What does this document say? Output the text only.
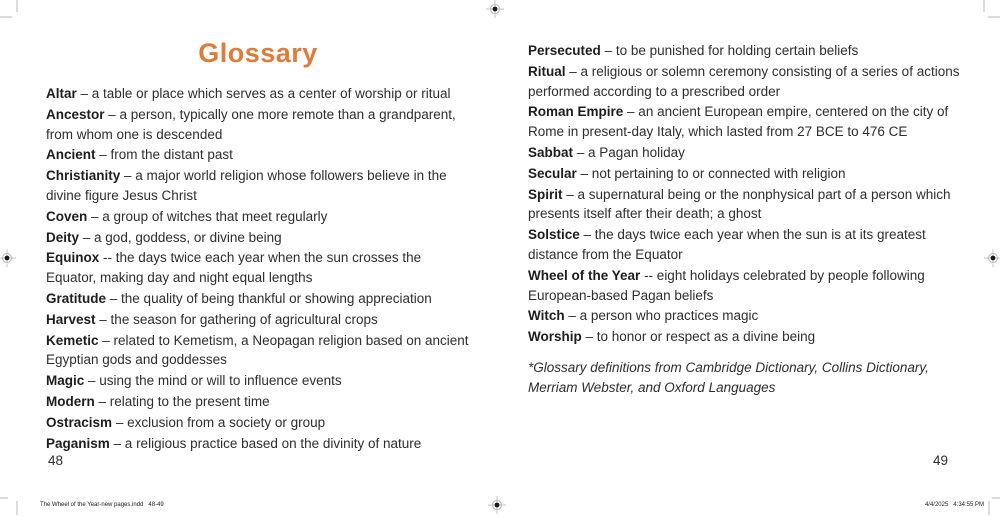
Glossary

Altar – a table or place which serves as a center of worship or ritual

Ancestor – a person, typically one more remote than a grandparent, from whom one is descended

Ancient – from the distant past

Christianity – a major world religion whose followers believe in the divine figure Jesus Christ

Coven – a group of witches that meet regularly

Deity – a god, goddess, or divine being

Equinox -- the days twice each year when the sun crosses the Equator, making day and night equal lengths

Gratitude – the quality of being thankful or showing appreciation

Harvest – the season for gathering of agricultural crops

Kemetic – related to Kemetism, a Neopagan religion based on ancient Egyptian gods and goddesses

Magic – using the mind or will to influence events

Modern – relating to the present time

Ostracism – exclusion from a society or group

Paganism – a religious practice based on the divinity of nature

48

Persecuted – to be punished for holding certain beliefs

Ritual – a religious or solemn ceremony consisting of a series of actions performed according to a prescribed order

Roman Empire – an ancient European empire, centered on the city of Rome in present-day Italy, which lasted from 27 BCE to 476 CE

Sabbat – a Pagan holiday

Secular – not pertaining to or connected with religion

Spirit – a supernatural being or the nonphysical part of a person which presents itself after their death; a ghost

Solstice – the days twice each year when the sun is at its greatest distance from the Equator

Wheel of the Year -- eight holidays celebrated by people following European-based Pagan beliefs

Witch – a person who practices magic

Worship – to honor or respect as a divine being

*Glossary definitions from Cambridge Dictionary, Collins Dictionary, Merriam Webster, and Oxford Languages

49
The Wheel of the Year-new pages.indd   48-49	4/4/2025   4:34:55 PM
